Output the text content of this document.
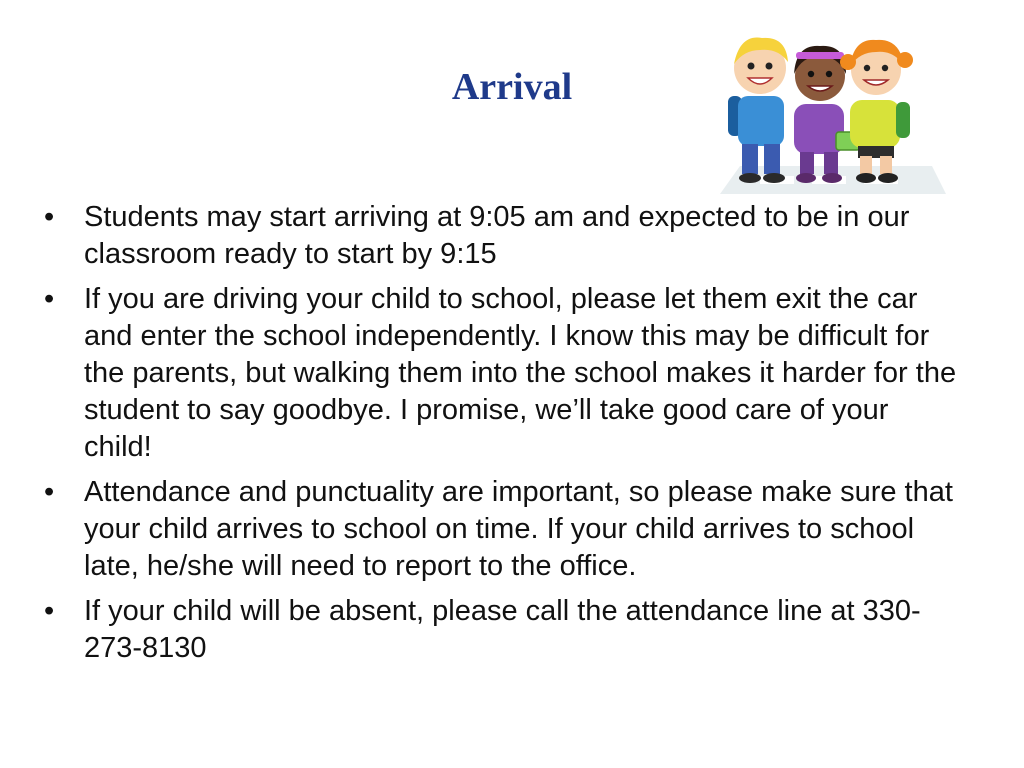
Arrival
•	Students may start arriving at 9:05 am and expected to be in our classroom ready to start by 9:15
•	If you are driving your child to school, please let them exit the car and enter the school independently. I know this may be difficult for the parents, but walking them into the school makes it harder for the student to say goodbye. I promise, we’ll take good care of your child!
•	Attendance and punctuality are important, so please make sure that your child arrives to school on time. If your child arrives to school late, he/she will need to report to the office.
•	If your child will be absent, please call the attendance line at 330-273-8130
